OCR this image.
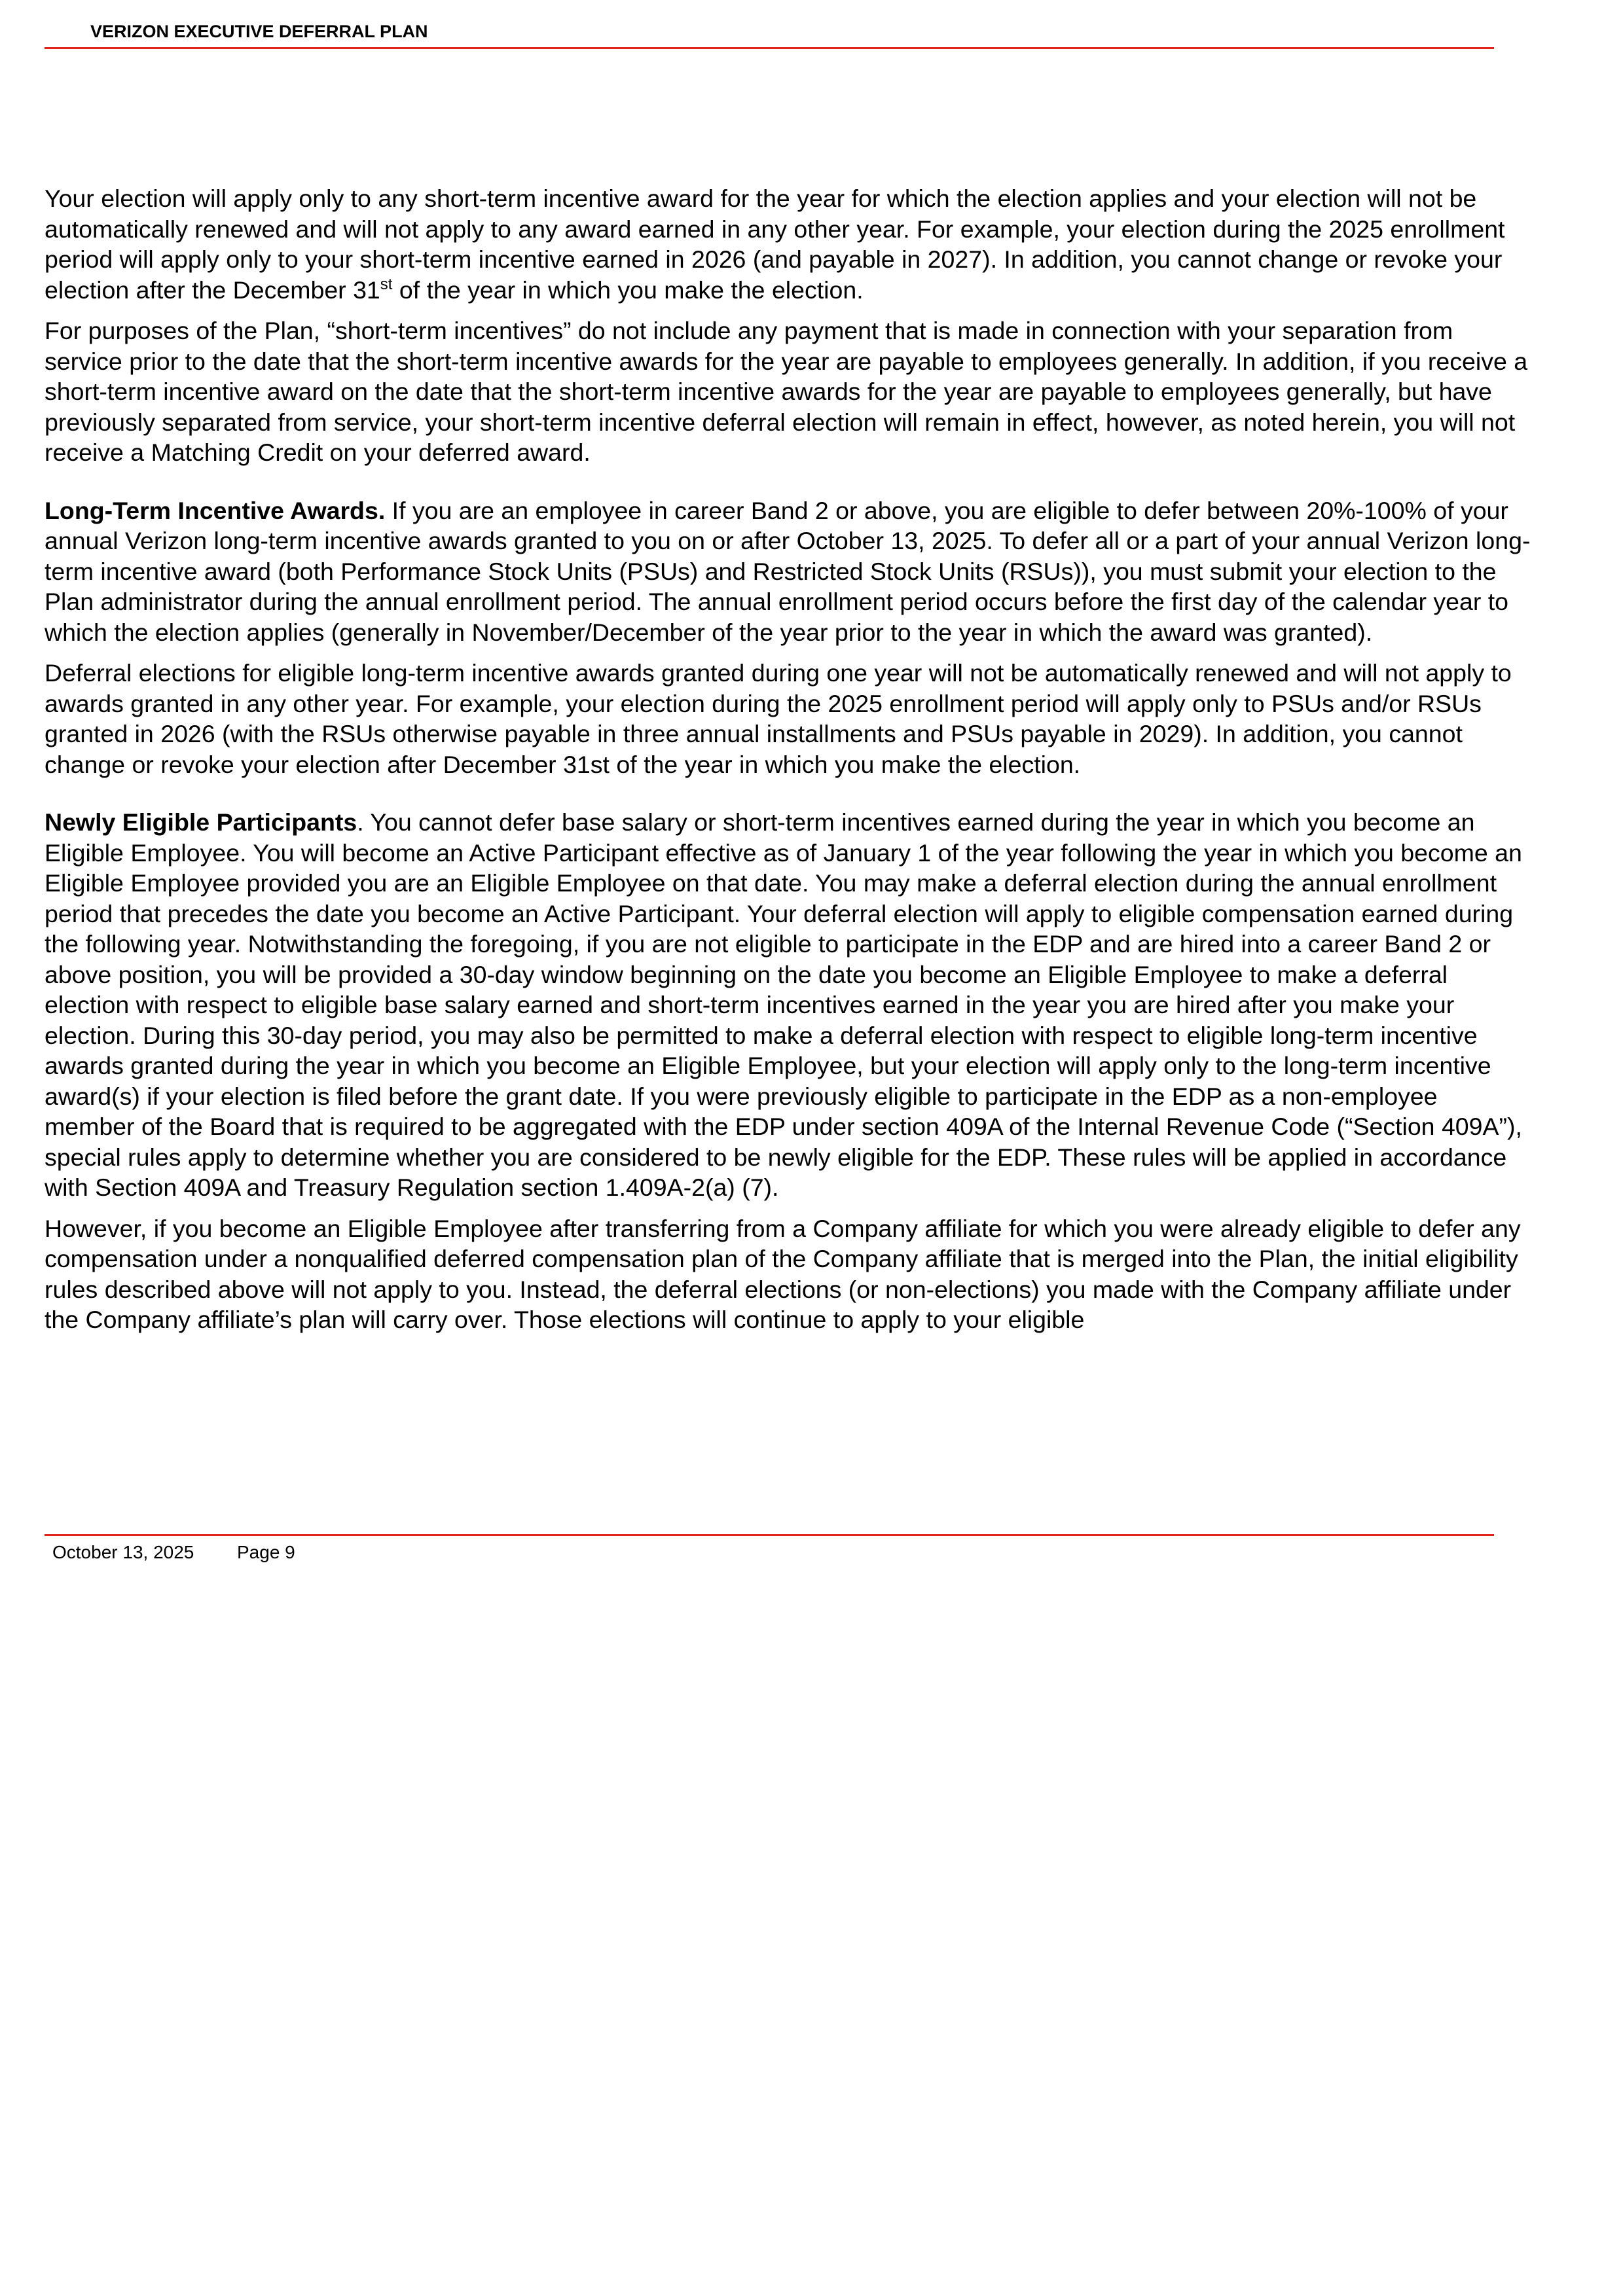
VERIZON EXECUTIVE DEFERRAL PLAN

Your election will apply only to any short-term incentive award for the year for which the election applies and your election will not be
automatically renewed and will not apply to any award earned in any other year. For example, your election during the 2025 enrollment
period will apply only to your short-term incentive earned in 2026 (and payable in 2027). In addition, you cannot change or revoke your
election after the December 31st of the year in which you make the election.

For purposes of the Plan, “short-term incentives” do not include any payment that is made in connection with your separation from
service prior to the date that the short-term incentive awards for the year are payable to employees generally. In addition, if you receive a
short-term incentive award on the date that the short-term incentive awards for the year are payable to employees generally, but have
previously separated from service, your short-term incentive deferral election will remain in effect, however, as noted herein, you will not
receive a Matching Credit on your deferred award.

Long-Term Incentive Awards. If you are an employee in career Band 2 or above, you are eligible to defer between 20%-100% of your
annual Verizon long-term incentive awards granted to you on or after October 13, 2025. To defer all or a part of your annual Verizon long-
term incentive award (both Performance Stock Units (PSUs) and Restricted Stock Units (RSUs)), you must submit your election to the
Plan administrator during the annual enrollment period. The annual enrollment period occurs before the first day of the calendar year to
which the election applies (generally in November/December of the year prior to the year in which the award was granted).

Deferral elections for eligible long-term incentive awards granted during one year will not be automatically renewed and will not apply to
awards granted in any other year. For example, your election during the 2025 enrollment period will apply only to PSUs and/or RSUs
granted in 2026 (with the RSUs otherwise payable in three annual installments and PSUs payable in 2029). In addition, you cannot
change or revoke your election after December 31st of the year in which you make the election.

Newly Eligible Participants. You cannot defer base salary or short-term incentives earned during the year in which you become an
Eligible Employee. You will become an Active Participant effective as of January 1 of the year following the year in which you become an
Eligible Employee provided you are an Eligible Employee on that date. You may make a deferral election during the annual enrollment
period that precedes the date you become an Active Participant. Your deferral election will apply to eligible compensation earned during
the following year. Notwithstanding the foregoing, if you are not eligible to participate in the EDP and are hired into a career Band 2 or
above position, you will be provided a 30-day window beginning on the date you become an Eligible Employee to make a deferral
election with respect to eligible base salary earned and short-term incentives earned in the year you are hired after you make your
election. During this 30-day period, you may also be permitted to make a deferral election with respect to eligible long-term incentive
awards granted during the year in which you become an Eligible Employee, but your election will apply only to the long-term incentive
award(s) if your election is filed before the grant date. If you were previously eligible to participate in the EDP as a non-employee
member of the Board that is required to be aggregated with the EDP under section 409A of the Internal Revenue Code (“Section 409A”),
special rules apply to determine whether you are considered to be newly eligible for the EDP. These rules will be applied in accordance
with Section 409A and Treasury Regulation section 1.409A-2(a) (7).

However, if you become an Eligible Employee after transferring from a Company affiliate for which you were already eligible to defer any
compensation under a nonqualified deferred compensation plan of the Company affiliate that is merged into the Plan, the initial eligibility
rules described above will not apply to you. Instead, the deferral elections (or non-elections) you made with the Company affiliate under
the Company affiliate’s plan will carry over. Those elections will continue to apply to your eligible

October 13, 2025 Page 9
